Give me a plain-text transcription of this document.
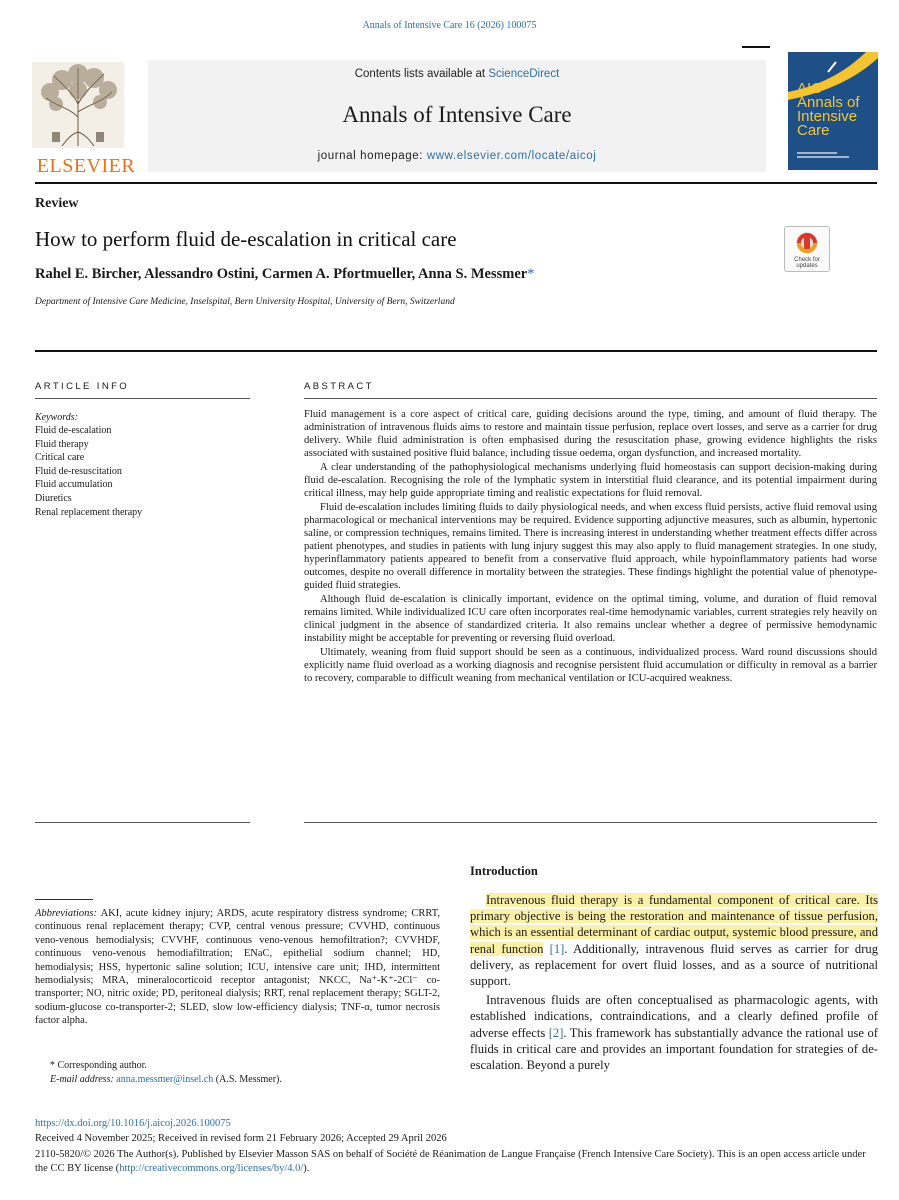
Annals of Intensive Care 16 (2026) 100075
ELSEVIER
Contents lists available at ScienceDirect
Annals of Intensive Care
journal homepage: www.elsevier.com/locate/aicoj
AIC
Annals of
Intensive
Care
Review
How to perform fluid de-escalation in critical care
Rahel E. Bircher, Alessandro Ostini, Carmen A. Pfortmueller, Anna S. Messmer*
Department of Intensive Care Medicine, Inselspital, Bern University Hospital, University of Bern, Switzerland
Check for
updates
ARTICLE INFO
Keywords:
Fluid de-escalation
Fluid therapy
Critical care
Fluid de-resuscitation
Fluid accumulation
Diuretics
Renal replacement therapy
ABSTRACT

Fluid management is a core aspect of critical care, guiding decisions around the type, timing, and amount of fluid therapy. The administration of intravenous fluids aims to restore and maintain tissue perfusion, replace overt losses, and serve as a carrier for drug delivery. While fluid administration is often emphasised during the resuscitation phase, growing evidence highlights the risks associated with sustained positive fluid balance, including tissue oedema, organ dysfunction, and increased mortality.

A clear understanding of the pathophysiological mechanisms underlying fluid homeostasis can support decision-making during fluid de-escalation. Recognising the role of the lymphatic system in interstitial fluid clearance, and its potential impairment during critical illness, may help guide appropriate timing and realistic expectations for fluid removal.

Fluid de-escalation includes limiting fluids to daily physiological needs, and when excess fluid persists, active fluid removal using pharmacological or mechanical interventions may be required. Evidence supporting adjunctive measures, such as albumin, hypertonic saline, or compression techniques, remains limited. There is increasing interest in understanding whether treatment effects differ across patient phenotypes, and studies in patients with lung injury suggest this may also apply to fluid management strategies. In one study, hyperinflammatory patients appeared to benefit from a conservative fluid approach, while hypoinflammatory patients had worse outcomes, despite no overall difference in mortality between the strategies. These findings highlight the potential value of phenotype-guided fluid strategies.

Although fluid de-escalation is clinically important, evidence on the optimal timing, volume, and duration of fluid removal remains limited. While individualized ICU care often incorporates real-time hemodynamic variables, current strategies rely heavily on clinical judgment in the absence of standardized criteria. It also remains unclear whether a degree of permissive hemodynamic instability might be acceptable for preventing or reversing fluid overload.

Ultimately, weaning from fluid support should be seen as a continuous, individualized process. Ward round discussions should explicitly name fluid overload as a working diagnosis and recognise persistent fluid accumulation or difficulty in removal as a barrier to recovery, comparable to difficult weaning from mechanical ventilation or ICU-acquired weakness.

Abbreviations: AKI, acute kidney injury; ARDS, acute respiratory distress syndrome; CRRT, continuous renal replacement therapy; CVP, central venous pressure; CVVHD, continuous veno-venous hemodialysis; CVVHF, continuous veno-venous hemofiltration?; CVVHDF, continuous veno-venous hemodiafiltration; ENaC, epithelial sodium channel; HD, hemodialysis; HSS, hypertonic saline solution; ICU, intensive care unit; IHD, intermittent hemodialysis; MRA, mineralocorticoid receptor antagonist; NKCC, Na⁺-K⁺-2Cl⁻ co-transporter; NO, nitric oxide; PD, peritoneal dialysis; RRT, renal replacement therapy; SGLT-2, sodium-glucose co-transporter-2; SLED, slow low-efficiency dialysis; TNF-α, tumor necrosis factor alpha.
* Corresponding author.
E-mail address: anna.messmer@insel.ch (A.S. Messmer).
Introduction

Intravenous fluid therapy is a fundamental component of critical care. Its primary objective is being the restoration and maintenance of tissue perfusion, which is an essential determinant of cardiac output, systemic blood pressure, and renal function [1]. Additionally, intravenous fluid serves as carrier for drug delivery, as replacement for overt fluid losses, and as a source of nutritional support.

Intravenous fluids are often conceptualised as pharmacologic agents, with established indications, contraindications, and a clearly defined profile of adverse effects [2]. This framework has substantially advance the rational use of fluids in critical care and provides an important foundation for strategies of de-escalation. Beyond a purely

https://dx.doi.org/10.1016/j.aicoj.2026.100075
Received 4 November 2025; Received in revised form 21 February 2026; Accepted 29 April 2026
2110-5820/© 2026 The Author(s). Published by Elsevier Masson SAS on behalf of Société de Réanimation de Langue Française (French Intensive Care Society). This is an open access article under the CC BY license (http://creativecommons.org/licenses/by/4.0/).
